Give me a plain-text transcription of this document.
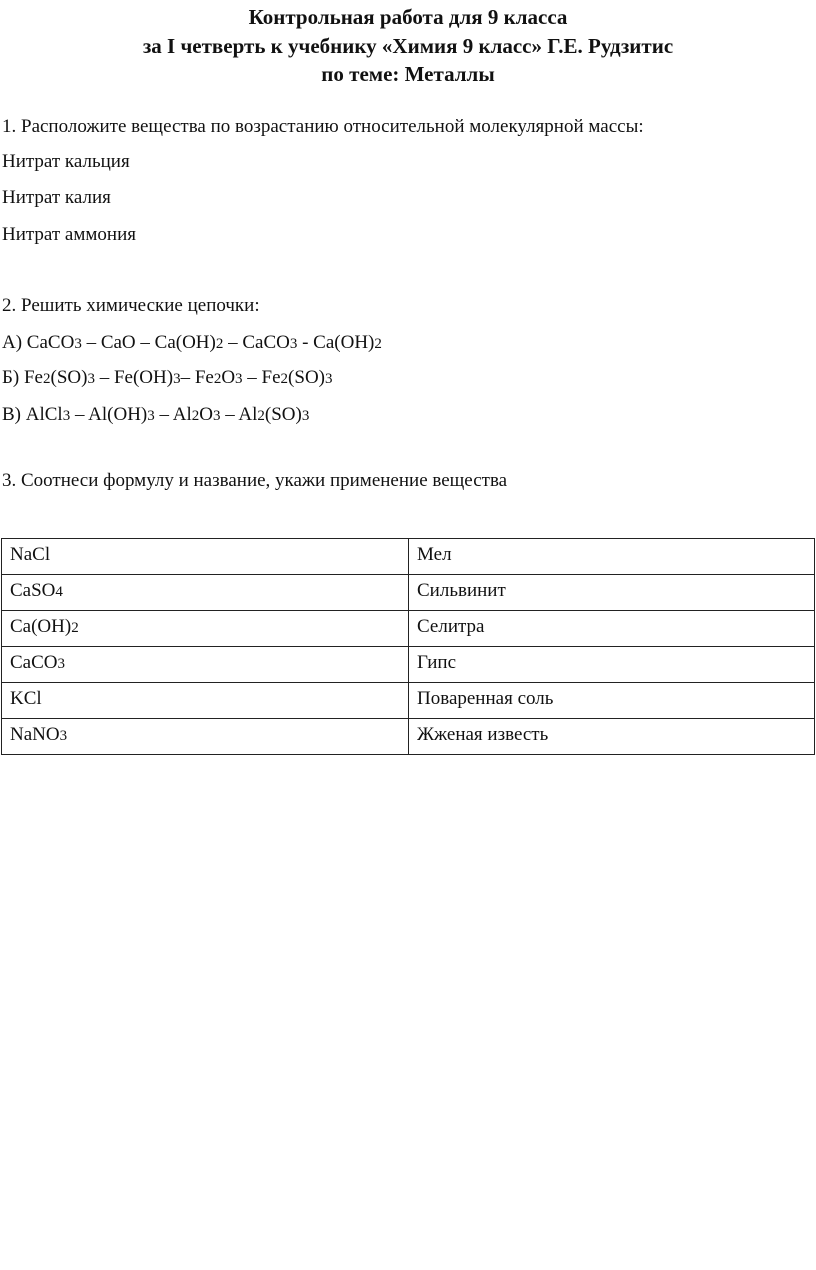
Контрольная работа для 9 класса
за I четверть к учебнику «Химия 9 класс» Г.Е. Рудзитис
по теме: Металлы
1. Расположите вещества по возрастанию относительной молекулярной массы:
Нитрат кальция
Нитрат калия
Нитрат аммония
2. Решить химические цепочки:
А) CaCO3 – CaO – Ca(OH)2 – CaCO3 - Ca(OH)2
Б) Fe2(SO)3 – Fe(OH)3– Fe2O3 – Fe2(SO)3
В) AlCl3 – Al(OH)3 – Al2O3 – Al2(SO)3
3. Соотнеси формулу и название, укажи применение вещества
NaCl	Мел
CaSO4	Сильвинит
Ca(OH)2	Селитра
CaCO3	Гипс
KCl	Поваренная соль
NaNO3	Жженая известь
